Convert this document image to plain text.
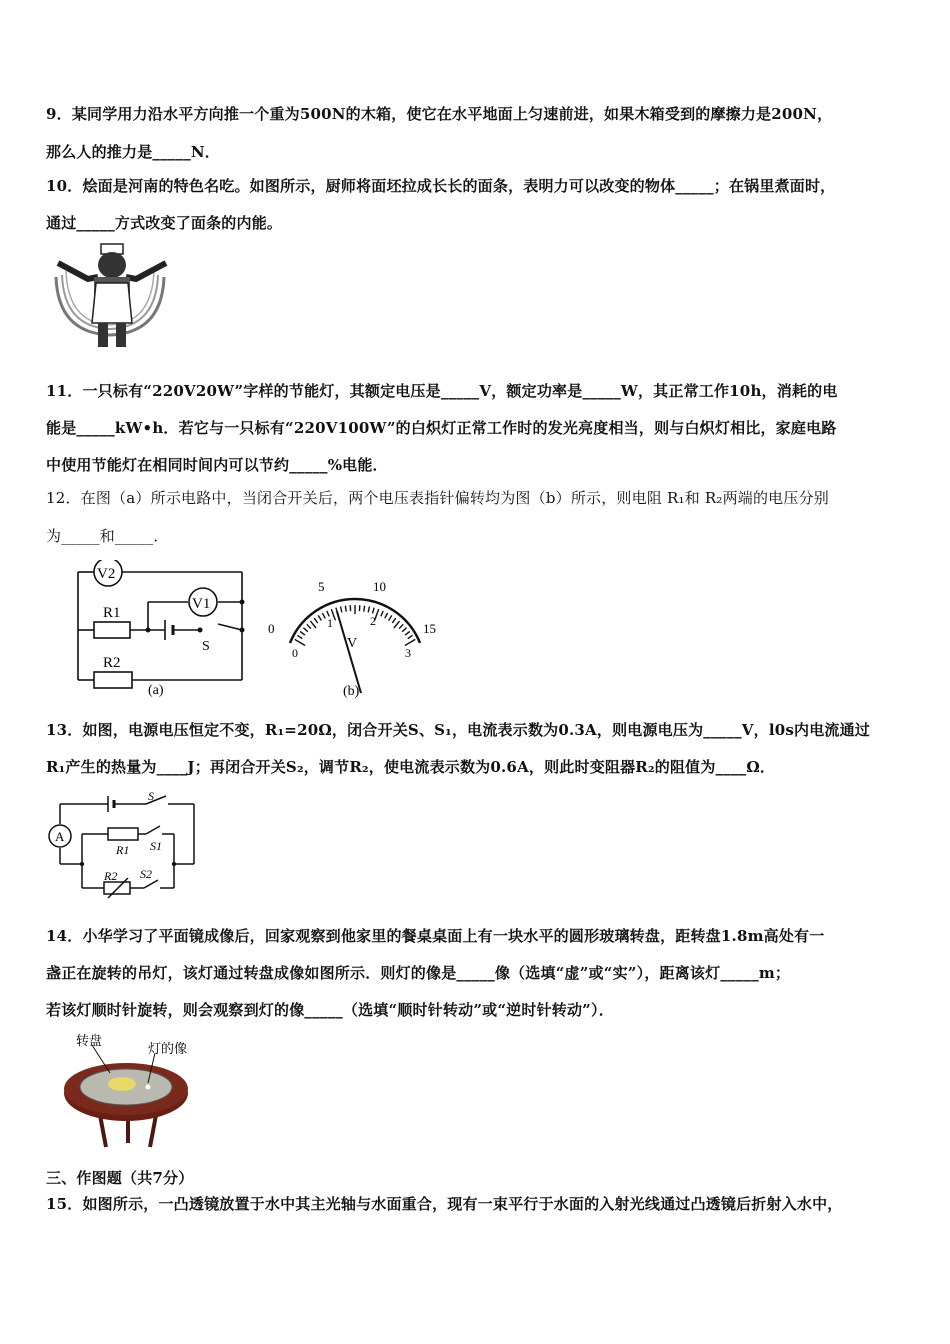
9．某同学用力沿水平方向推一个重为500N的木箱，使它在水平地面上匀速前进，如果木箱受到的摩擦力是200N，
那么人的推力是_____N．
10．烩面是河南的特色名吃。如图所示，厨师将面坯拉成长长的面条，表明力可以改变的物体_____；在锅里煮面时，
通过_____方式改变了面条的内能。
11．一只标有“220V20W”字样的节能灯，其额定电压是_____V，额定功率是_____W，其正常工作10h，消耗的电
能是_____kW•h．若它与一只标有“220V100W”的白炽灯正常工作时的发光亮度相当，则与白炽灯相比，家庭电路
中使用节能灯在相同时间内可以节约_____%电能．
12．在图（a）所示电路中，当闭合开关后，两个电压表指针偏转均为图（b）所示，则电阻 R₁和 R₂两端的电压分别
为_____和_____．
V2
V1
R1
R2
S
(a)
0
5	10
15
0
1	2
3
V
(b)
13．如图，电源电压恒定不变，R₁=20Ω，闭合开关S、S₁，电流表示数为0.3A，则电源电压为_____V，l0s内电流通过
R₁产生的热量为____J；再闭合开关S₂，调节R₂，使电流表示数为0.6A，则此时变阻器R₂的阻值为____Ω．
A
S
S1
S2
R1
R2
14．小华学习了平面镜成像后，回家观察到他家里的餐桌桌面上有一块水平的圆形玻璃转盘，距转盘1.8m高处有一
盏正在旋转的吊灯，该灯通过转盘成像如图所示．则灯的像是_____像（选填“虚”或“实”），距离该灯_____m；
若该灯顺时针旋转，则会观察到灯的像_____（选填“顺时针转动”或“逆时针转动”）．
转盘
灯的像
三、作图题（共7分）
15．如图所示，一凸透镜放置于水中其主光轴与水面重合，现有一束平行于水面的入射光线通过凸透镜后折射入水中，
